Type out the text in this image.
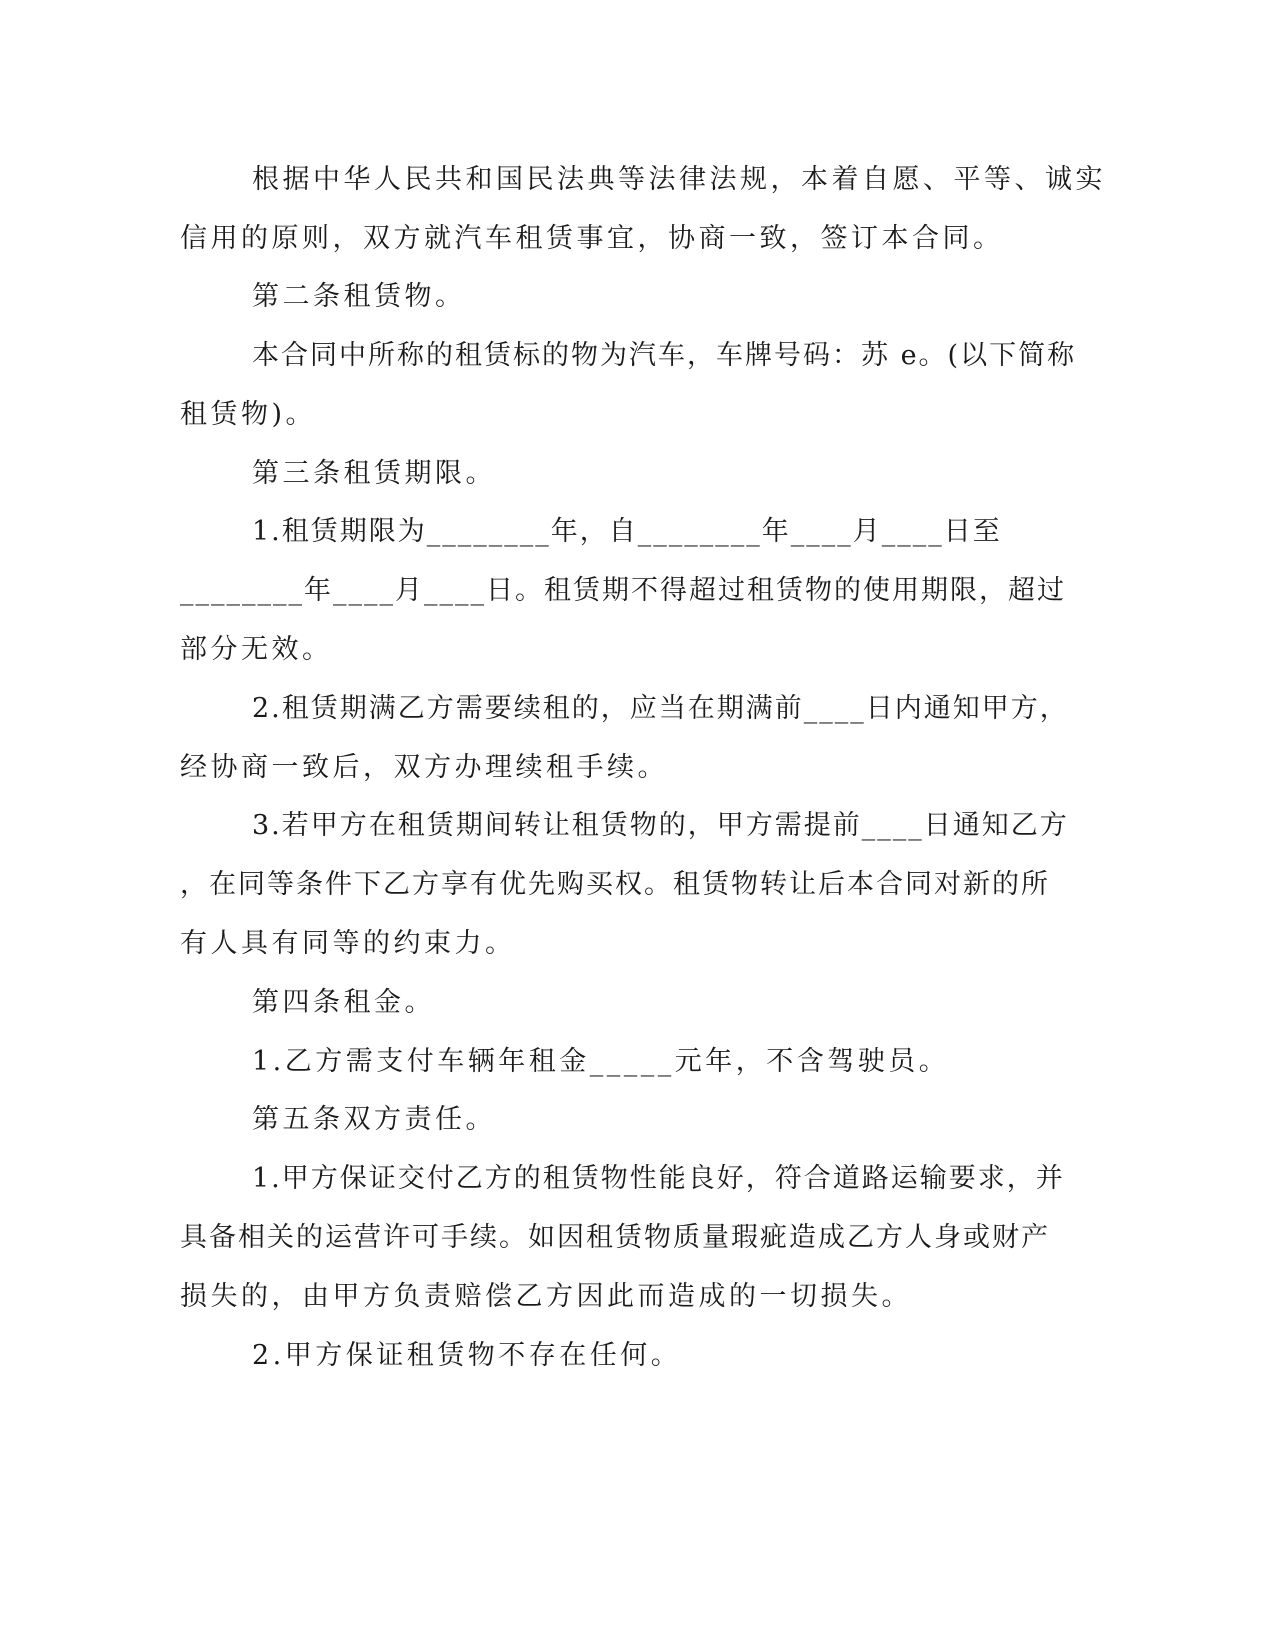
根据中华人民共和国民法典等法律法规，本着自愿、平等、诚实
信用的原则，双方就汽车租赁事宜，协商一致，签订本合同。
第二条租赁物。
本合同中所称的租赁标的物为汽车，车牌号码：苏 e。(以下简称
租赁物)。
第三条租赁期限。
1.租赁期限为________年，自________年____月____日至
________年____月____日。租赁期不得超过租赁物的使用期限，超过
部分无效。
2.租赁期满乙方需要续租的，应当在期满前____日内通知甲方，
经协商一致后，双方办理续租手续。
3.若甲方在租赁期间转让租赁物的，甲方需提前____日通知乙方
，在同等条件下乙方享有优先购买权。租赁物转让后本合同对新的所
有人具有同等的约束力。
第四条租金。
1.乙方需支付车辆年租金_____元年，不含驾驶员。
第五条双方责任。
1.甲方保证交付乙方的租赁物性能良好，符合道路运输要求，并
具备相关的运营许可手续。如因租赁物质量瑕疵造成乙方人身或财产
损失的，由甲方负责赔偿乙方因此而造成的一切损失。
2.甲方保证租赁物不存在任何。
